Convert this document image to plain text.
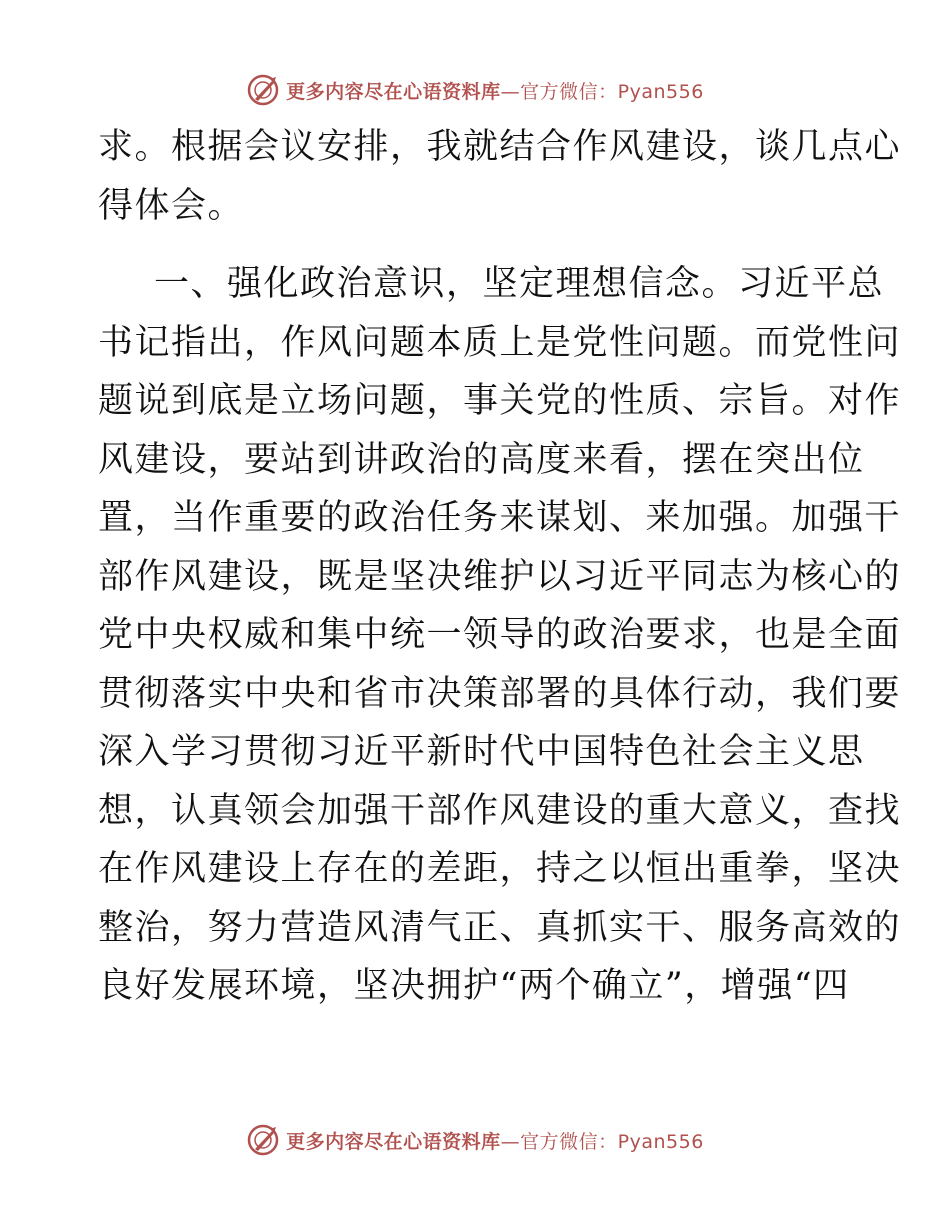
更多内容尽在心语资料库—官方微信：Pyan556
求。根据会议安排，我就结合作风建设，谈几点心
得体会。
一、强化政治意识，坚定理想信念。习近平总
书记指出，作风问题本质上是党性问题。而党性问
题说到底是立场问题，事关党的性质、宗旨。对作
风建设，要站到讲政治的高度来看，摆在突出位
置，当作重要的政治任务来谋划、来加强。加强干
部作风建设，既是坚决维护以习近平同志为核心的
党中央权威和集中统一领导的政治要求，也是全面
贯彻落实中央和省市决策部署的具体行动，我们要
深入学习贯彻习近平新时代中国特色社会主义思
想，认真领会加强干部作风建设的重大意义，查找
在作风建设上存在的差距，持之以恒出重拳，坚决
整治，努力营造风清气正、真抓实干、服务高效的
良好发展环境，坚决拥护“两个确立”，增强“四
更多内容尽在心语资料库—官方微信：Pyan556
